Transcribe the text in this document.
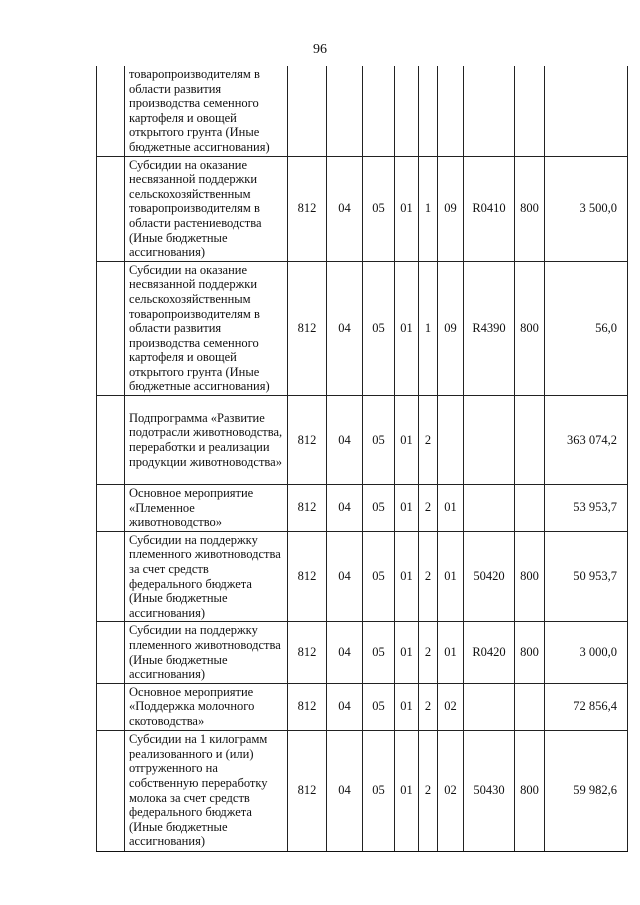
96
	товаропроизводителям в области развития производства семенного картофеля и овощей открытого грунта (Иные бюджетные ассигнования)									
	Субсидии на оказание несвязанной поддержки сельскохозяйственным товаропроизводителям в области растениеводства (Иные бюджетные ассигнования)	812	04	05	01	1	09	R0410	800	3 500,0
	Субсидии на оказание несвязанной поддержки сельскохозяйственным товаропроизводителям в области развития производства семенного картофеля и овощей открытого грунта (Иные бюджетные ассигнования)	812	04	05	01	1	09	R4390	800	56,0
	Подпрограмма «Развитие подотрасли животноводства, переработки и реализации продукции животноводства»	812	04	05	01	2				363 074,2
	Основное мероприятие «Племенное животноводство»	812	04	05	01	2	01			53 953,7
	Субсидии на поддержку племенного животноводства за счет средств федерального бюджета (Иные бюджетные ассигнования)	812	04	05	01	2	01	50420	800	50 953,7
	Субсидии на поддержку племенного животноводства (Иные бюджетные ассигнования)	812	04	05	01	2	01	R0420	800	3 000,0
	Основное мероприятие «Поддержка молочного скотоводства»	812	04	05	01	2	02			72 856,4
	Субсидии на 1 килограмм реализованного и (или) отгруженного на собственную переработку молока за счет средств федерального бюджета (Иные бюджетные ассигнования)	812	04	05	01	2	02	50430	800	59 982,6
